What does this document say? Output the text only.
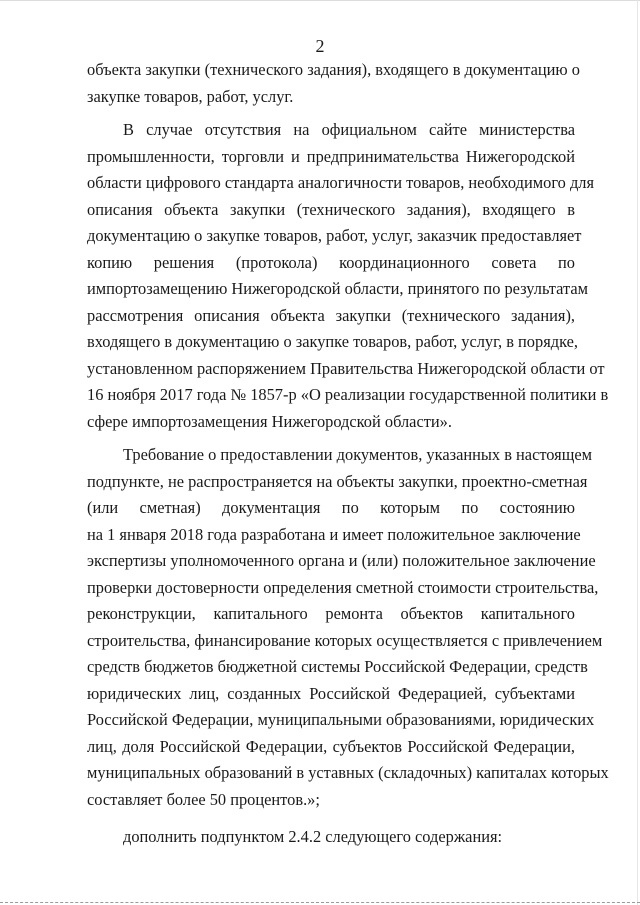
2

объекта закупки (технического задания), входящего в документацию о
закупке товаров, работ, услуг.

В случае отсутствия на официальном сайте министерства
промышленности, торговли и предпринимательства Нижегородской
области цифрового стандарта аналогичности товаров, необходимого для
описания объекта закупки (технического задания), входящего в
документацию о закупке товаров, работ, услуг, заказчик предоставляет
копию решения (протокола) координационного совета по
импортозамещению Нижегородской области, принятого по результатам
рассмотрения описания объекта закупки (технического задания),
входящего в документацию о закупке товаров, работ, услуг, в порядке,
установленном распоряжением Правительства Нижегородской области от
16 ноября 2017 года № 1857-р «О реализации государственной политики в
сфере импортозамещения Нижегородской области».

Требование о предоставлении документов, указанных в настоящем
подпункте, не распространяется на объекты закупки, проектно-сметная
(или сметная) документация по которым по состоянию
на 1 января 2018 года разработана и имеет положительное заключение
экспертизы уполномоченного органа и (или) положительное заключение
проверки достоверности определения сметной стоимости строительства,
реконструкции, капитального ремонта объектов капитального
строительства, финансирование которых осуществляется с привлечением
средств бюджетов бюджетной системы Российской Федерации, средств
юридических лиц, созданных Российской Федерацией, субъектами
Российской Федерации, муниципальными образованиями, юридических
лиц, доля Российской Федерации, субъектов Российской Федерации,
муниципальных образований в уставных (складочных) капиталах которых
составляет более 50 процентов.»;

дополнить подпунктом 2.4.2 следующего содержания:
